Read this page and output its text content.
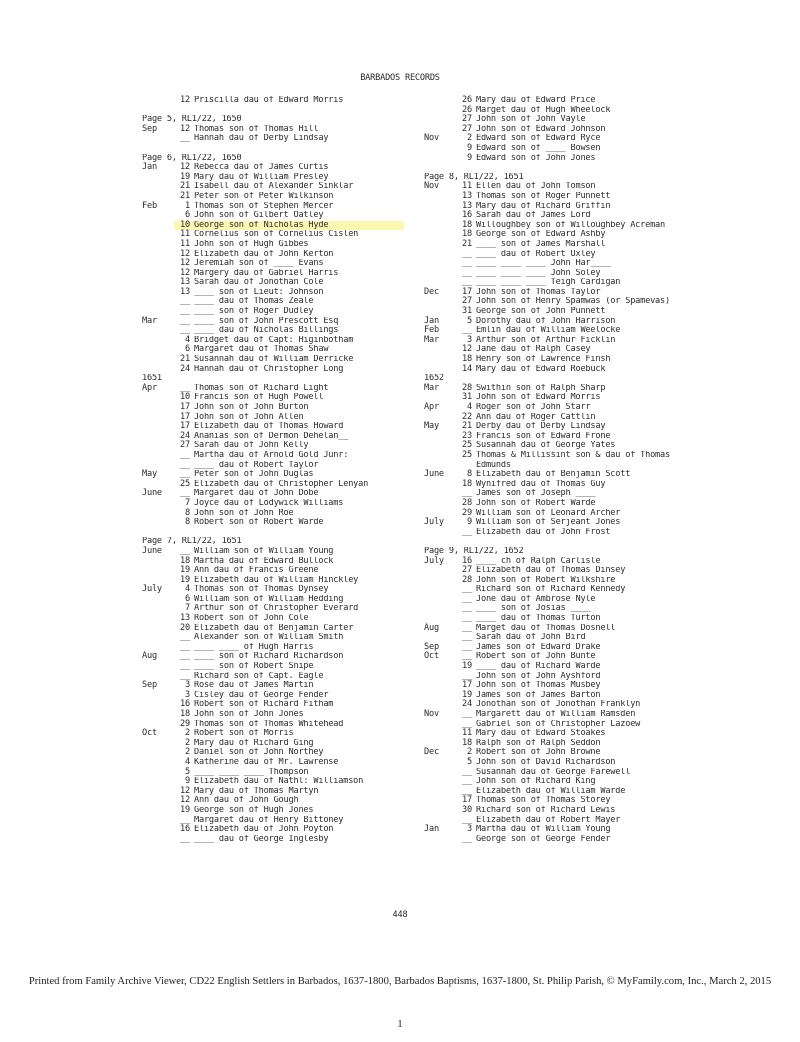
BARBADOS RECORDS
12 Priscilla dau of Edward Morris
Page 5, RL1/22, 1650
Sep	12 Thomas son of Thomas Hill
__ Hannah dau of Derby Lindsay
Page 6, RL1/22, 1650
Jan	12 Rebecca dau of James Curtis
19 Mary dau of William Presley
21 Isabell dau of Alexander Sinklar
21 Peter son of Peter Wilkinson
Feb	1 Thomas son of Stephen Mercer
6 John son of Gilbert Oatley
10 George son of Nicholas Hyde
11 Cornelius son of Cornelius Cislen
11 John son of Hugh Gibbes
12 Elizabeth dau of John Kerton
12 Jeremiah son of ____ Evans
12 Margery dau of Gabriel Harris
13 Sarah dau of Jonothan Cole
13 ____ son of Lieut: Johnson
__ ____ dau of Thomas Zeale
__ ____ son of Roger Dudley
Mar	__ ____ son of John Prescott Esq
__ ____ dau of Nicholas Billings
4 Bridget dau of Capt: Higinbotham
6 Margaret dau of Thomas Shaw
21 Susannah dau of William Derricke
24 Hannah dau of Christopher Long
1651
Apr	__ Thomas son of Richard Light
10 Francis son of Hugh Powell
17 John son of John Burton
17 John son of John Allen
17 Elizabeth dau of Thomas Howard
24 Ananias son of Dermon Dehelan__
27 Sarah dau of John Kelly
__ Martha dau of Arnold Gold Junr:
__ ____ dau of Robert Taylor
May	__ Peter son of John Duglas
25 Elizabeth dau of Christopher Lenyan
June	__ Margaret dau of John Dobe
7 Joyce dau of Lodywick Williams
8 John son of John Roe
8 Robert son of Robert Warde
Page 7, RL1/22, 1651
June	__ William son of William Young
18 Martha dau of Edward Bullock
19 Ann dau of Francis Greene
19 Elizabeth dau of William Hinckley
July	4 Thomas son of Thomas Dynsey
6 William son of William Hedding
7 Arthur son of Christopher Everard
13 Robert son of John Cole
20 Elizabeth dau of Benjamin Carter
__ Alexander son of William Smith
__ ____ ____ of Hugh Harris
Aug	__ ____ son of Richard Richardson
__ ____ son of Robert Snipe
__ Richard son of Capt. Eagle
Sep	3 Rose dau of James Martin
3 Cisley dau of George Fender
16 Robert son of Richard Fitham
18 John son of John Jones
29 Thomas son of Thomas Whitehead
Oct	2 Robert son of Morris
2 Mary dau of Richard Ging
2 Daniel son of John Northey
4 Katherine dau of Mr. Lawrense
5 ____ ____ ____ Thompson
9 Elizabeth dau of Nathl: Williamson
12 Mary dau of Thomas Martyn
12 Ann dau of John Gough
19 George son of Hugh Jones
__ Margaret dau of Henry Bittoney
16 Elizabeth dau of John Poyton
__ ____ dau of George Inglesby
26 Mary dau of Edward Price
26 Marget dau of Hugh Wheelock
27 John son of John Vayle
27 John son of Edward Johnson
Nov	2 Edward son of Edward Ryce
9 Edward son of ____ Bowsen
9 Edward son of John Jones
Page 8, RL1/22, 1651
Nov	11 Ellen dau of John Tomson
13 Thomas son of Roger Punnett
13 Mary dau of Richard Griffin
16 Sarah dau of James Lord
18 Willoughbey son of Willoughbey Acreman
18 George son of Edward Ashby
21 ____ son of James Marshall
__ ____ dau of Robert Uxley
__ ____ ____ ____ John Har____
__ ____ ____ ____ John Soley
__ ____ ____ ____ Teigh Cardigan
Dec	17 John son of Thomas Taylor
27 John son of Henry Spamwas (or Spamevas)
31 George son of John Punnett
Jan	5 Dorothy dau of John Harrison
Feb	__ Emlin dau of William Weelocke
Mar	3 Arthur son of Arthur Ficklin
12 Jane dau of Ralph Casey
18 Henry son of Lawrence Finsh
14 Mary dau of Edward Roebuck
1652
Mar	28 Swithin son of Ralph Sharp
31 John son of Edward Morris
Apr	4 Roger son of John Starr
22 Ann dau of Roger Cattlin
May	21 Derby dau of Derby Lindsay
23 Francis son of Edward Frone
25 Susannah dau of George Yates
25 Thomas & Millissint son & dau of Thomas
Edmunds
June	8 Elizabeth dau of Benjamin Scott
18 Wynifred dau of Thomas Guy
__ James son of Joseph ____
28 John son of Robert Warde
29 William son of Leonard Archer
July	9 William son of Serjeant Jones
__ Elizabeth dau of John Frost
Page 9, RL1/22, 1652
July	16 ____ ch of Ralph Carlisle
27 Elizabeth dau of Thomas Dinsey
28 John son of Robert Wilkshire
__ Richard son of Richard Kennedy
__ Jone dau of Ambrose Nyle
__ ____ son of Josias ____
__ ____ dau of Thomas Turton
Aug	__ Marget dau of Thomas Dosnell
__ Sarah dau of John Bird
Sep	__ James son of Edward Drake
Oct	__ Robert son of John Bunte
19 ____ dau of Richard Warde
__ John son of John Ayshford
17 John son of Thomas Musbey
19 James son of James Barton
24 Jonothan son of Jonothan Franklyn
Nov	__ Margarett dau of William Ramsden
__ Gabriel son of Christopher Lazoew
11 Mary dau of Edward Stoakes
18 Ralph son of Ralph Seddon
Dec	2 Robert son of John Browne
5 John son of David Richardson
__ Susannah dau of George Farewell
__ John son of Richard King
__ Elizabeth dau of William Warde
17 Thomas son of Thomas Storey
30 Richard son of Richard Lewis
__ Elizabeth dau of Robert Mayer
Jan	3 Martha dau of William Young
__ George son of George Fender
448
Printed from Family Archive Viewer, CD22 English Settlers in Barbados, 1637-1800, Barbados Baptisms, 1637-1800, St. Philip Parish, © MyFamily.com, Inc., March 2, 2015
1
